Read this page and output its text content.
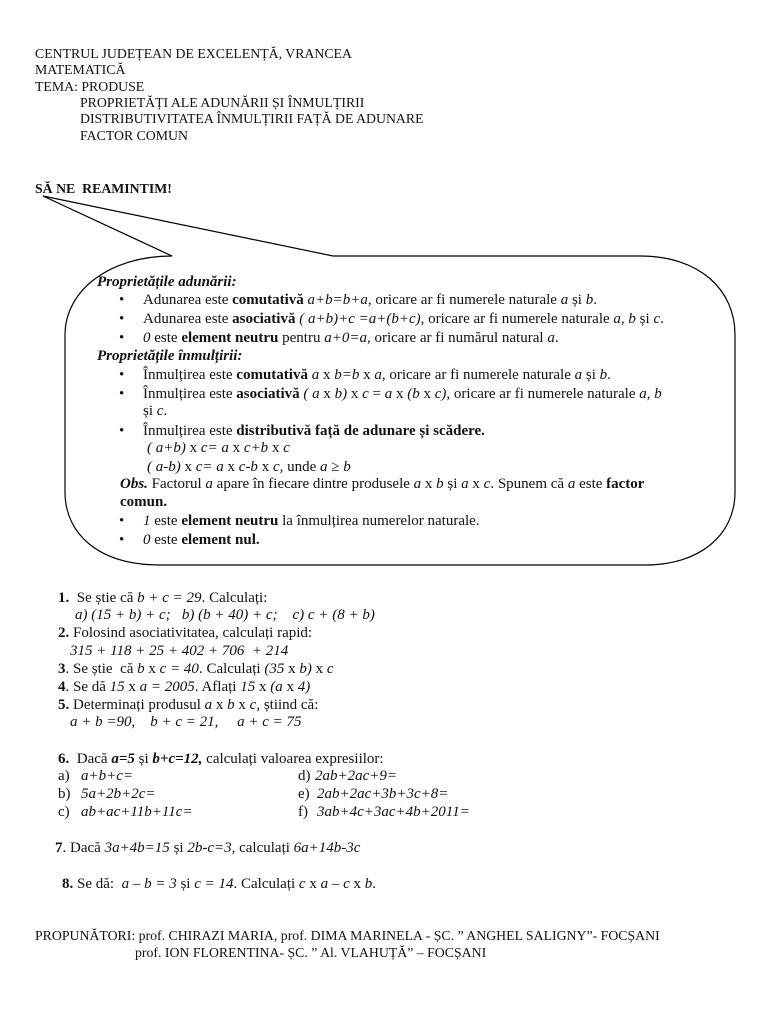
CENTRUL JUDEȚEAN DE EXCELENȚĂ, VRANCEA
MATEMATICĂ
TEMA: PRODUSE
PROPRIETĂȚI ALE ADUNĂRII ȘI ÎNMULȚIRII
DISTRIBUTIVITATEA ÎNMULȚIRII FAȚĂ DE ADUNARE
FACTOR COMUN
SĂ NE  REAMINTIM!
Proprietățile adunării:
•
Adunarea este comutativă a+b=b+a, oricare ar fi numerele naturale a și b.
•
Adunarea este asociativă ( a+b)+c =a+(b+c), oricare ar fi numerele naturale a, b și c.
•
0 este element neutru pentru a+0=a, oricare ar fi numărul natural a.
Proprietățile înmulțirii:
•
Înmulțirea este comutativă a x b=b x a, oricare ar fi numerele naturale a și b.
•
Înmulțirea este asociativă ( a x b) x c = a x (b x c), oricare ar fi numerele naturale a, b
și c.
•
Înmulțirea este distributivă față de adunare și scădere.
( a+b) x c= a x c+b x c
( a-b) x c= a x c-b x c, unde a ≥ b
Obs. Factorul a apare în fiecare dintre produsele a x b și a x c. Spunem că a este factor
comun.
•
1 este element neutru la înmulțirea numerelor naturale.
•
0 este element nul.
1.  Se știe că b + c = 29. Calculați:
a) (15 + b) + c;   b) (b + 40) + c;    c) c + (8 + b)
2. Folosind asociativitatea, calculați rapid:
315 + 118 + 25 + 402 + 706  + 214
3. Se știe  că b x c = 40. Calculați (35 x b) x c
4. Se dă 15 x a = 2005. Aflați 15 x (a x 4)
5. Determinați produsul a x b x c, știind că:
a + b =90,    b + c = 21,     a + c = 75
6.  Dacă a=5 și b+c=12, calculați valoarea expresiilor:
a) a+b+c=
b) 5a+2b+2c=
c) ab+ac+11b+11c=
d) 2ab+2ac+9=
e) 2ab+2ac+3b+3c+8=
f) 3ab+4c+3ac+4b+2011=
7. Dacă 3a+4b=15 și 2b-c=3, calculați 6a+14b-3c
8. Se dă:  a – b = 3 și c = 14. Calculați c x a – c x b.
PROPUNĂTORI: prof. CHIRAZI MARIA, prof. DIMA MARINELA - ȘC. ” ANGHEL SALIGNY”- FOCȘANI
prof. ION FLORENTINA- ȘC. ” Al. VLAHUȚĂ” – FOCȘANI
